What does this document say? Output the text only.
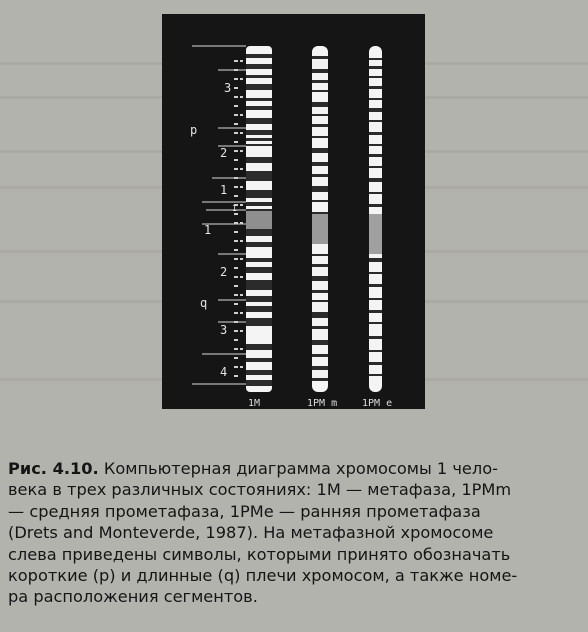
p
q
3
2
1
1
1
2
3
4
1M	1PM m 1PM e
Рис. 4.10. Компьютерная диаграмма хромосомы 1 чело-
века в трех различных состояниях: 1М — метафаза, 1PMm
— средняя прометафаза, 1PMe — ранняя прометафаза
(Drets and Monteverde, 1987). На метафазной хромосоме
слева приведены символы, которыми принято обозначать
короткие (p) и длинные (q) плечи хромосом, а также номе-
ра расположения сегментов.
